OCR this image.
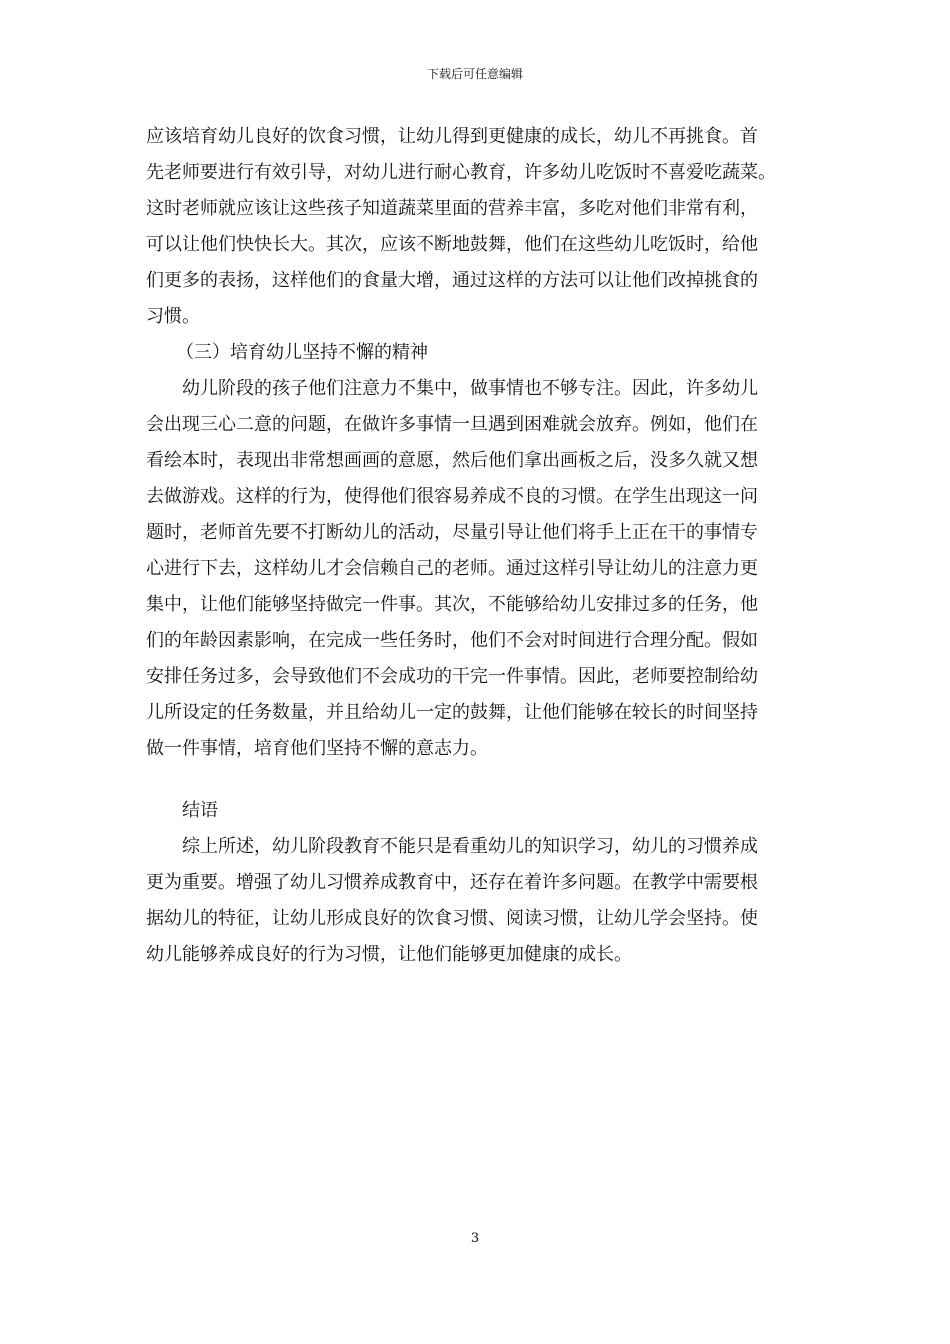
下载后可任意编辑
应该培育幼儿良好的饮食习惯，让幼儿得到更健康的成长，幼儿不再挑食。首
先老师要进行有效引导，对幼儿进行耐心教育，许多幼儿吃饭时不喜爱吃蔬菜。
这时老师就应该让这些孩子知道蔬菜里面的营养丰富，多吃对他们非常有利，
可以让他们快快长大。其次，应该不断地鼓舞，他们在这些幼儿吃饭时，给他
们更多的表扬，这样他们的食量大增，通过这样的方法可以让他们改掉挑食的
习惯。
（三）培育幼儿坚持不懈的精神
幼儿阶段的孩子他们注意力不集中，做事情也不够专注。因此，许多幼儿
会出现三心二意的问题，在做许多事情一旦遇到困难就会放弃。例如，他们在
看绘本时，表现出非常想画画的意愿，然后他们拿出画板之后，没多久就又想
去做游戏。这样的行为，使得他们很容易养成不良的习惯。在学生出现这一问
题时，老师首先要不打断幼儿的活动，尽量引导让他们将手上正在干的事情专
心进行下去，这样幼儿才会信赖自己的老师。通过这样引导让幼儿的注意力更
集中，让他们能够坚持做完一件事。其次，不能够给幼儿安排过多的任务，他
们的年龄因素影响，在完成一些任务时，他们不会对时间进行合理分配。假如
安排任务过多，会导致他们不会成功的干完一件事情。因此，老师要控制给幼
儿所设定的任务数量，并且给幼儿一定的鼓舞，让他们能够在较长的时间坚持
做一件事情，培育他们坚持不懈的意志力。
结语
综上所述，幼儿阶段教育不能只是看重幼儿的知识学习，幼儿的习惯养成
更为重要。增强了幼儿习惯养成教育中，还存在着许多问题。在教学中需要根
据幼儿的特征，让幼儿形成良好的饮食习惯、阅读习惯，让幼儿学会坚持。使
幼儿能够养成良好的行为习惯，让他们能够更加健康的成长。
3
